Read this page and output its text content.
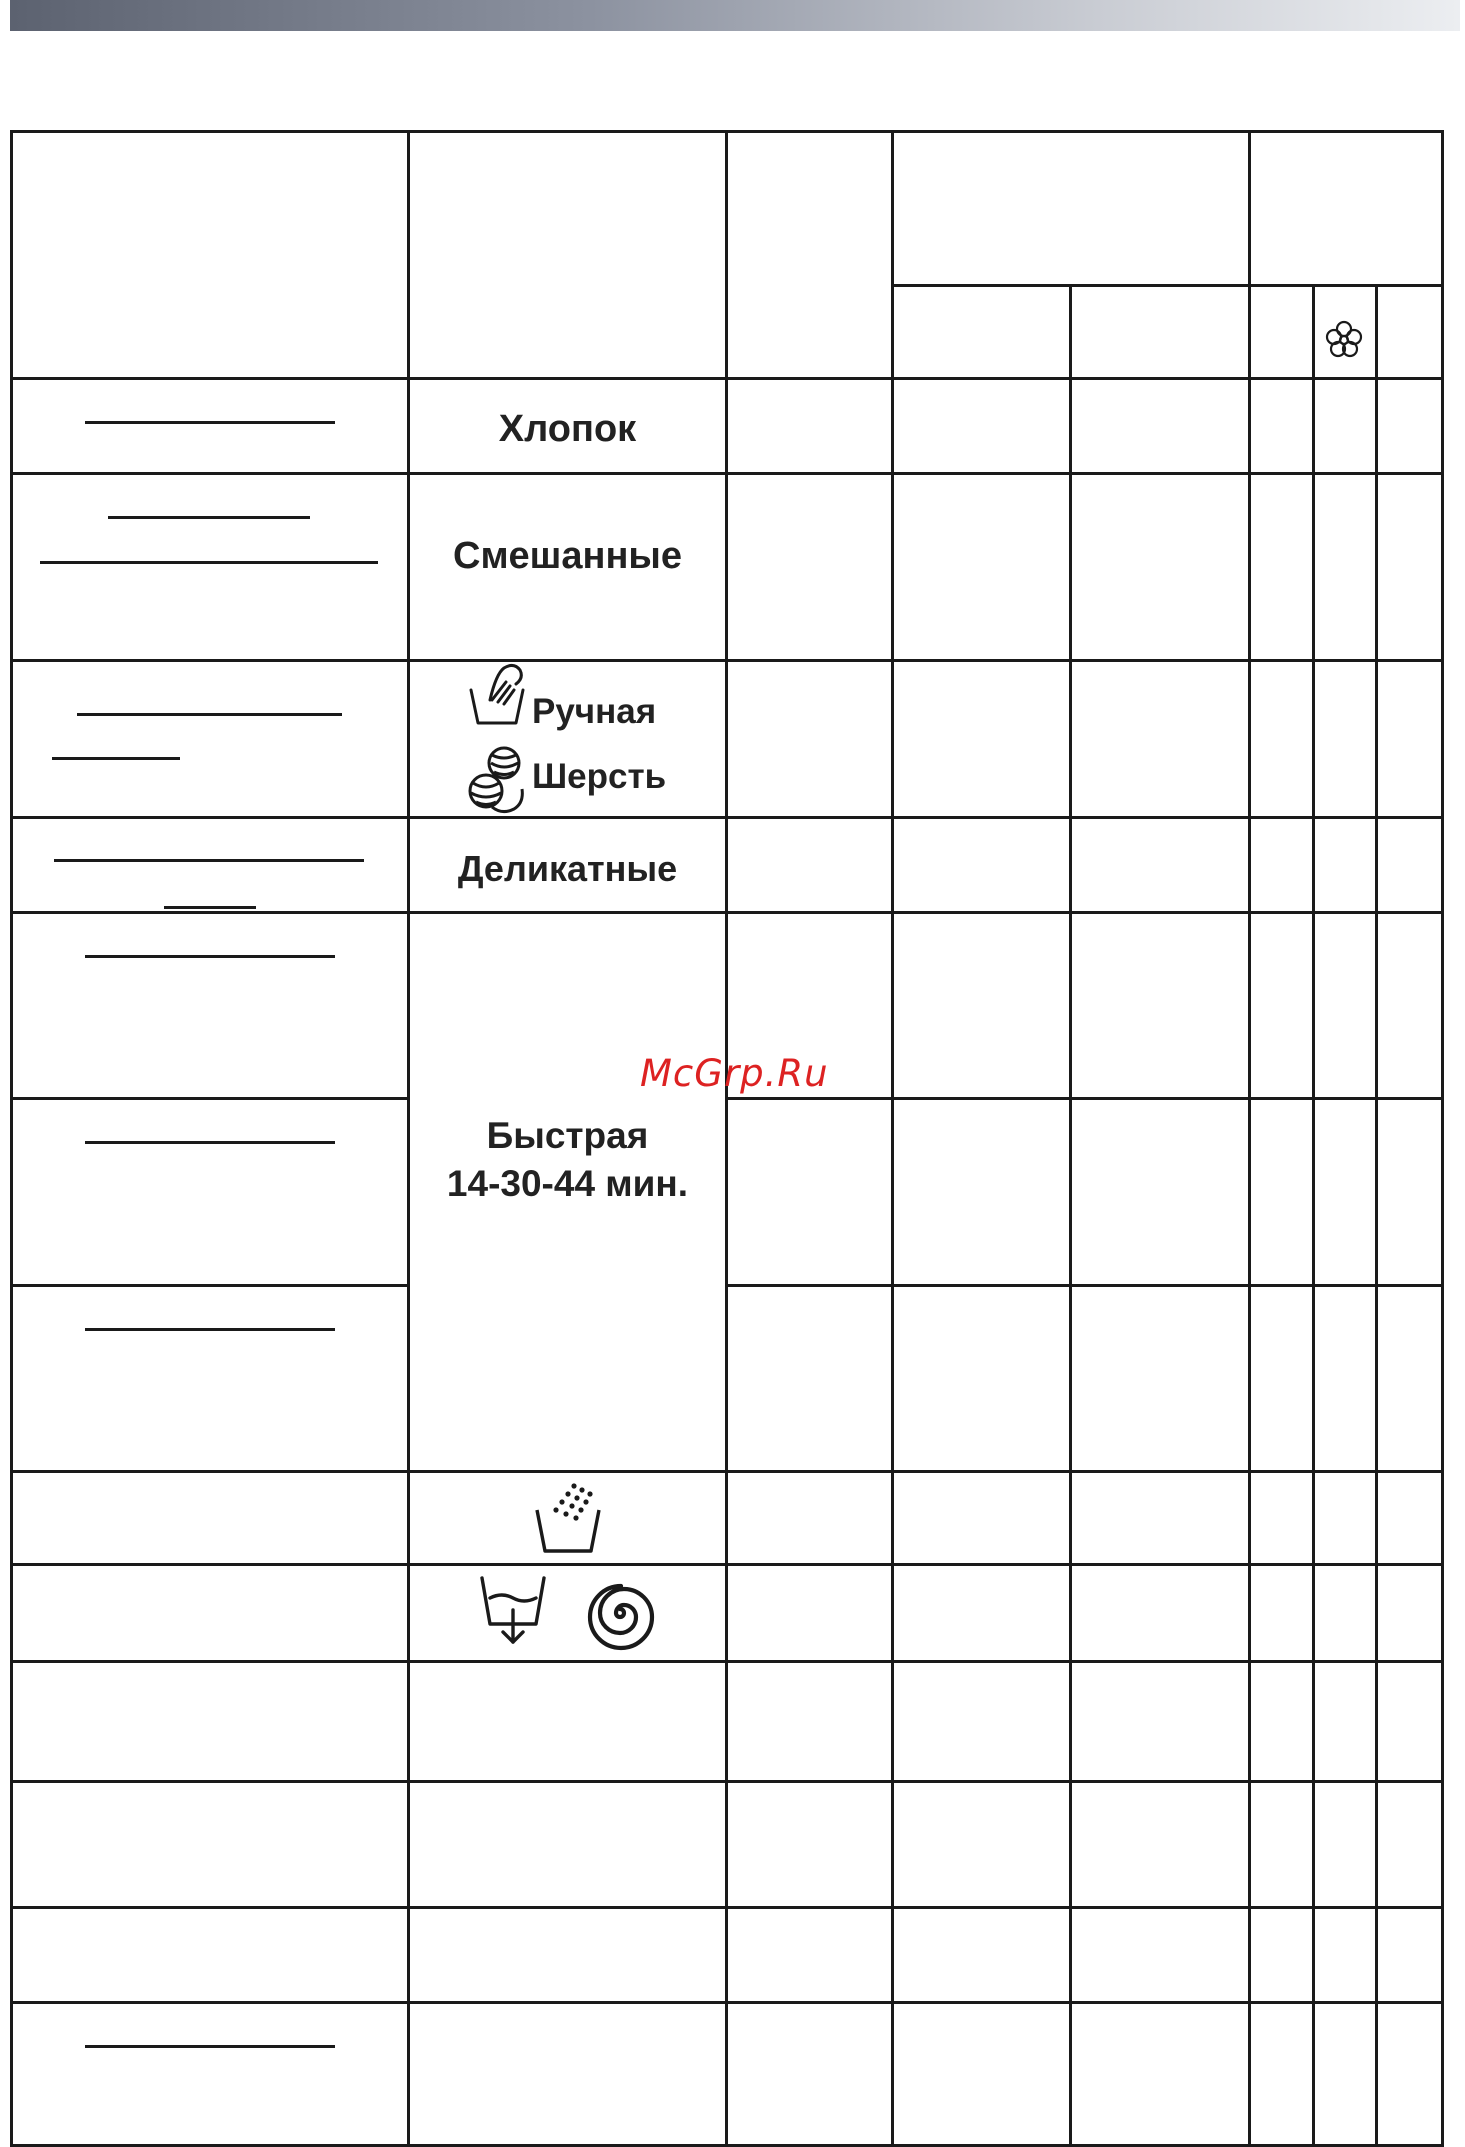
Хлопок
Смешанные
Ручная
Шерсть
Деликатные
Быстрая
14-30-44 мин.
McGrp.Ru
